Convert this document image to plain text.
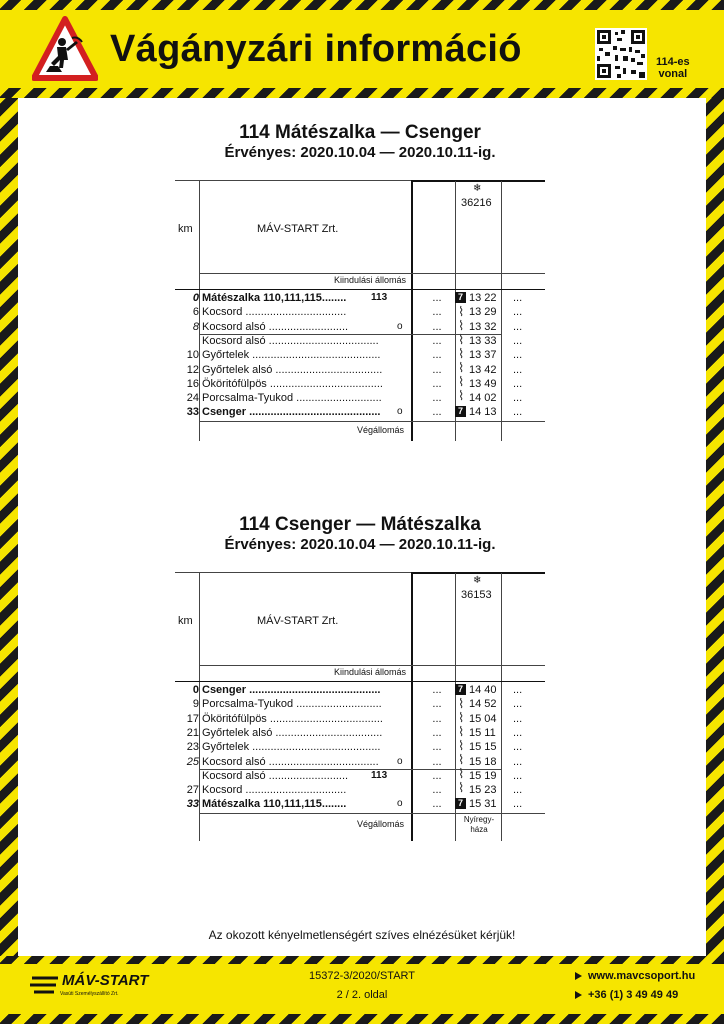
Vágányzári információ	114-es
vonal
114 Mátészalka — Csenger
Érvényes: 2020.10.04 — 2020.10.11-ig.
km	MÁV-START Zrt.
❄
36216
Kiindulási állomás
0 Mátészalka 110,111,115........	113	...	7 13 22 ...
6 Kocsord .................................	...	13 29 ...
8 Kocsord alsó ..........................	o	...	13 32 ...
Kocsord alsó ....................................	...	13 33 ...
10 Győrtelek ..........................................	...	13 37 ...
12 Győrtelek alsó ...................................	...	13 42 ...
16 Ököritófülpös .....................................	...	13 49 ...
24 Porcsalma-Tyukod ............................	...	14 02 ...
33 Csenger ...........................................	o	...	7 14 13 ...
⌇
⌇
⌇
⌇
⌇
⌇
⌇
Végállomás
114 Csenger — Mátészalka
Érvényes: 2020.10.04 — 2020.10.11-ig.
km	MÁV-START Zrt.
❄
36153
Kiindulási állomás
0 Csenger ...........................................	...	7 14 40 ...
9 Porcsalma-Tyukod ............................	...	14 52 ...
17 Ököritófülpös .....................................	...	15 04 ...
21 Győrtelek alsó ...................................	...	15 11 ...
23 Győrtelek ..........................................	...	15 15 ...
25 Kocsord alsó ....................................	o	...	15 18 ...
Kocsord alsó ..........................	113	...	15 19 ...
27 Kocsord .................................	...	15 23 ...
33 Mátészalka 110,111,115........	o	...	7 15 31 ...
⌇
⌇
⌇
⌇
⌇
⌇
⌇
Végállomás	Nyíregy-
háza
Az okozott kényelmetlenségért szíves elnézésüket kérjük!
MÁV-START
Vasúti Személyszállító Zrt.
15372-3/2020/START
2 / 2. oldal
www.mavcsoport.hu
+36 (1) 3 49 49 49
